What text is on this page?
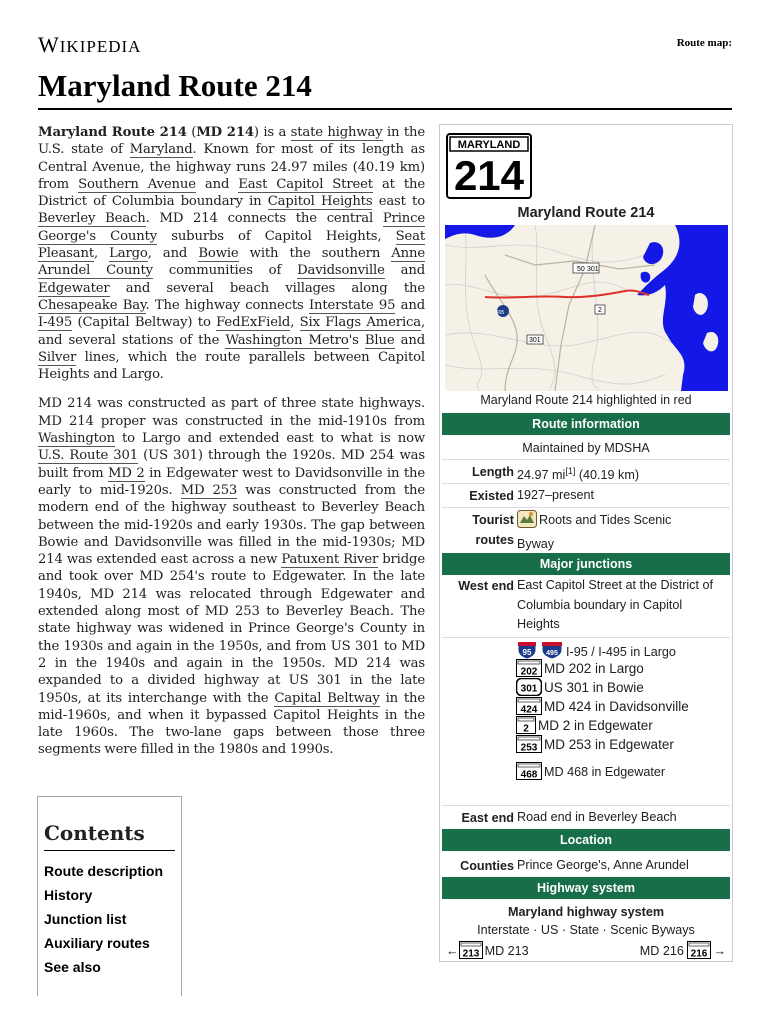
WIKIPEDIA	Route map:
Maryland Route 214

Maryland Route 214 (MD 214) is a state highway in the U.S. state of Maryland. Known for most of its length as Central Avenue, the highway runs 24.97 miles (40.19 km) from Southern Avenue and East Capitol Street at the District of Columbia boundary in Capitol Heights east to Beverley Beach. MD 214 connects the central Prince George's County suburbs of Capitol Heights, Seat Pleasant, Largo, and Bowie with the southern Anne Arundel County communities of Davidsonville and Edgewater and several beach villages along the Chesapeake Bay. The highway connects Interstate 95 and I-495 (Capital Beltway) to FedExField, Six Flags America, and several stations of the Washington Metro's Blue and Silver lines, which the route parallels between Capitol Heights and Largo.

MD 214 was constructed as part of three state highways. MD 214 proper was constructed in the mid-1910s from Washington to Largo and extended east to what is now U.S. Route 301 (US 301) through the 1920s. MD 254 was built from MD 2 in Edgewater west to Davidsonville in the early to mid-1920s. MD 253 was constructed from the modern end of the highway southeast to Beverley Beach between the mid-1920s and early 1930s. The gap between Bowie and Davidsonville was filled in the mid-1930s; MD 214 was extended east across a new Patuxent River bridge and took over MD 254's route to Edgewater. In the late 1940s, MD 214 was relocated through Edgewater and extended along most of MD 253 to Beverley Beach. The state highway was widened in Prince George's County in the 1930s and again in the 1950s, and from US 301 to MD 2 in the 1940s and again in the 1950s. MD 214 was expanded to a divided highway at US 301 in the late 1950s, at its interchange with the Capital Beltway in the mid-1960s, and when it bypassed Capitol Heights in the late 1960s. The two-lane gaps between those three segments were filled in the 1980s and 1990s.

Contents
Route description
History
Junction list
Auxiliary routes
See also
MARYLAND
214
Maryland Route 214
50 301
2
495
301
Maryland Route 214 highlighted in red
Route information
Maintained by MDSHA
Length 24.97 mi[1] (40.19 km)
Existed 1927–present
Tourist
routes
Roots and Tides Scenic
Byway
Major junctions
West end East Capitol Street at the District of Columbia boundary in Capitol Heights
95 495 I-95 / I-495 in Largo
202 MD 202 in Largo
301 US 301 in Bowie
424 MD 424 in Davidsonville
2 MD 2 in Edgewater
253 MD 253 in Edgewater
468 MD 468 in Edgewater
East end Road end in Beverley Beach
Location
Counties Prince George's, Anne Arundel
Highway system
Maryland highway system
Interstate · US · State · Scenic Byways
← 213 MD 213	MD 216 216 →
